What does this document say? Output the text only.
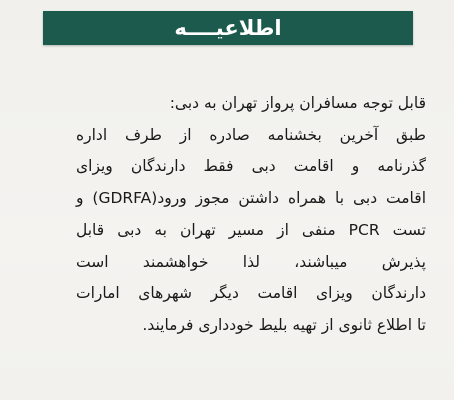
اطلاعیــــه
قابل توجه مسافران پرواز تهران به دبی:
طبق آخرین بخشنامه صادره از طرف اداره
گذرنامه و اقامت دبی فقط دارندگان ویزای
اقامت دبی با همراه داشتن مجوز ورود(GDRFA) و
تست PCR منفی از مسیر تهران به دبی قابل
پذیرش میباشند، لذا خواهشمند است
دارندگان ویزای اقامت دیگر شهرهای امارات
تا اطلاع ثانوی از تهیه بلیط خودداری فرمایند.
